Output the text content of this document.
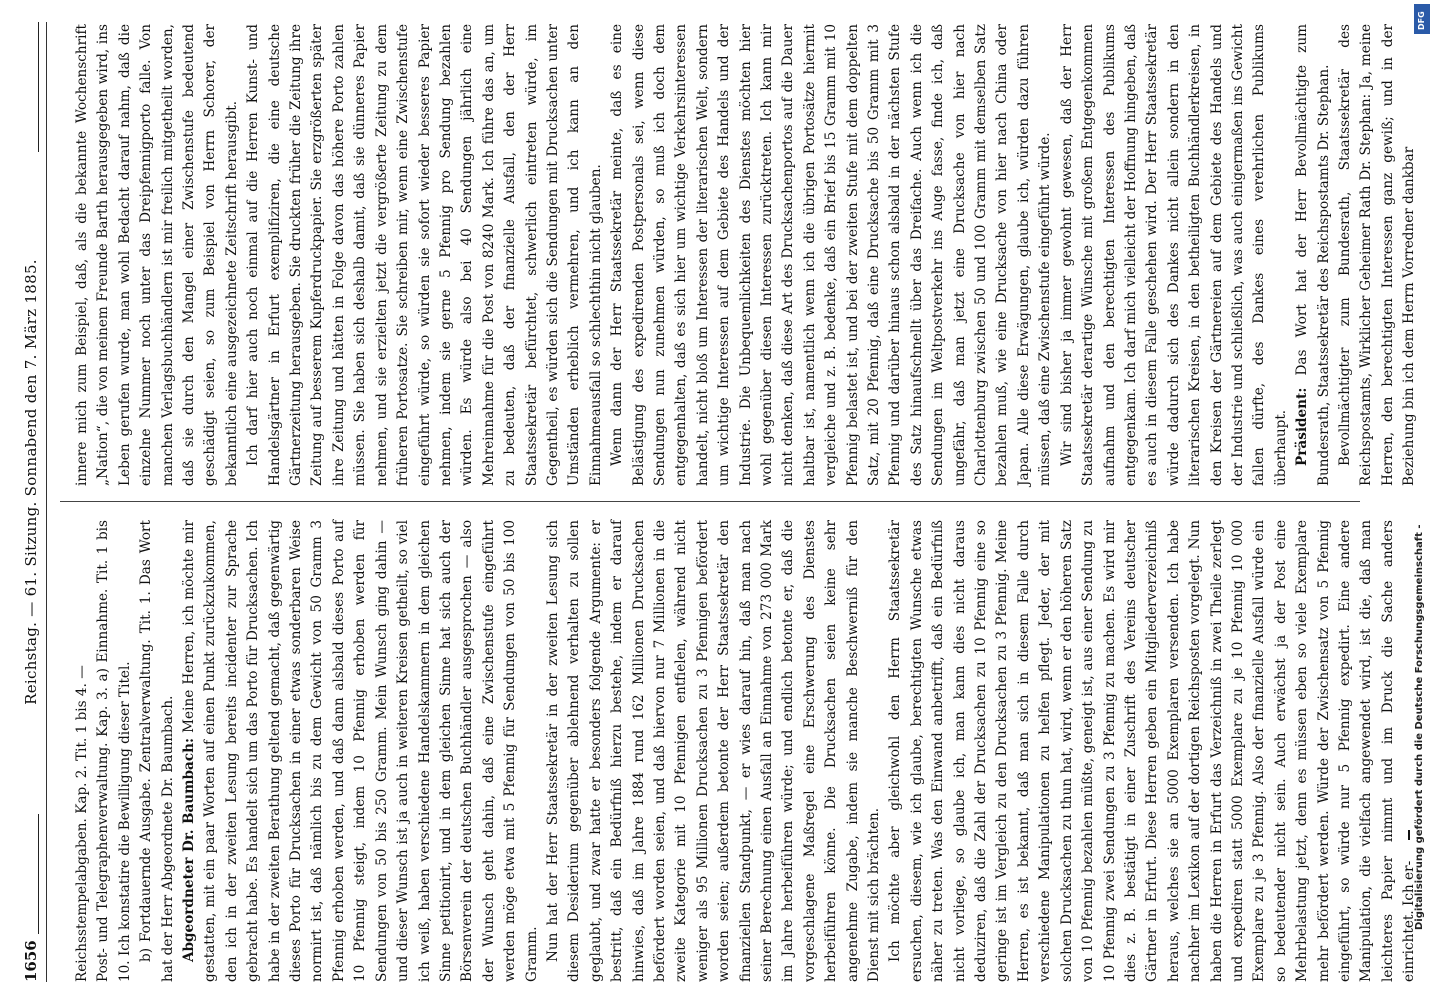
1656
Reichstag. — 61. Sitzung. Sonnabend den 7. März 1885.

Reichsstempelabgaben. Kap. 2. Tit. 1 bis 4. — Post- und Telegraphenverwaltung. Kap. 3. a) Einnahme. Tit. 1 bis 10. Ich konstatire die Bewilligung dieser Titel. b) Fortdauernde Ausgabe. Zentralverwaltung. Tit. 1. Das Wort hat der Herr Abgeordnete Dr. Baumbach. Abgeordneter Dr. Baumbach: Meine Herren, ich möchte mir gestatten, mit ein paar Worten auf einen Punkt zurückzukommen, den ich in der zweiten Lesung bereits incidenter zur Sprache gebracht habe. Es handelt sich um das Porto für Drucksachen. Ich habe in der zweiten Berathung geltend gemacht, daß gegenwärtig dieses Porto für Drucksachen in einer etwas sonderbaren Weise normirt ist, daß nämlich bis zu dem Gewicht von 50 Gramm 3 Pfennig erhoben werden, und daß dann alsbald dieses Porto auf 10 Pfennig steigt, indem 10 Pfennig erhoben werden für Sendungen von 50 bis 250 Gramm. Mein Wunsch ging dahin — und dieser Wunsch ist ja auch in weiteren Kreisen getheilt, so viel ich weiß, haben verschiedene Handelskammern in dem gleichen Sinne petitionirt, und in dem gleichen Sinne hat sich auch der Börsenverein der deutschen Buchhändler ausgesprochen — also der Wunsch geht dahin, daß eine Zwischenstufe eingeführt werden möge etwa mit 5 Pfennig für Sendungen von 50 bis 100 Gramm. Nun hat der Herr Staatssekretär in der zweiten Lesung sich diesem Desiderium gegenüber ablehnend verhalten zu sollen geglaubt, und zwar hatte er besonders folgende Argumente: er bestritt, daß ein Bedürfniß hierzu bestehe, indem er darauf hinwies, daß im Jahre 1884 rund 162 Millionen Drucksachen befördert worden seien, und daß hiervon nur 7 Millionen in die zweite Kategorie mit 10 Pfennigen entfielen, während nicht weniger als 95 Millionen Drucksachen zu 3 Pfennigen befördert worden seien; außerdem betonte der Herr Staatssekretär den finanziellen Standpunkt, — er wies darauf hin, daß man nach seiner Berechnung einen Ausfall an Einnahme von 273 000 Mark im Jahre herbeiführen würde; und endlich betonte er, daß die vorgeschlagene Maßregel eine Erschwerung des Dienstes herbeiführen könne. Die Drucksachen seien keine sehr angenehme Zugabe, indem sie manche Beschwerniß für den Dienst mit sich brächten. Ich möchte aber gleichwohl den Herrn Staatssekretär ersuchen, diesem, wie ich glaube, berechtigten Wunsche etwas näher zu treten. Was den Einwand anbetrifft, daß ein Bedürfniß nicht vorliege, so glaube ich, man kann dies nicht daraus deduziren, daß die Zahl der Drucksachen zu 10 Pfennig eine so geringe ist im Vergleich zu den Drucksachen zu 3 Pfennig. Meine Herren, es ist bekannt, daß man sich in diesem Falle durch verschiedene Manipulationen zu helfen pflegt. Jeder, der mit solchen Drucksachen zu thun hat, wird, wenn er den höheren Satz von 10 Pfennig bezahlen müßte, geneigt ist, aus einer Sendung zu 10 Pfennig zwei Sendungen zu 3 Pfennig zu machen. Es wird mir dies z. B. bestätigt in einer Zuschrift des Vereins deutscher Gärtner in Erfurt. Diese Herren geben ein Mitgliederverzeichniß heraus, welches sie an 5000 Exemplaren versenden. Ich habe nachher im Lexikon auf der dortigen Reichsposten vorgelegt. Nun haben die Herren in Erfurt das Verzeichniß in zwei Theile zerlegt und expediren statt 5000 Exemplare zu je 10 Pfennig 10 000 Exemplare zu je 3 Pfennig. Also der finanzielle Ausfall würde ein so bedeutender nicht sein. Auch erwächst ja der Post eine Mehrbelastung jetzt, denn es müssen eben so viele Exemplare mehr befördert werden. Würde der Zwischensatz von 5 Pfennig eingeführt, so würde nur 5 Pfennig expedirt. Eine andere Manipulation, die vielfach angewendet wird, ist die, daß man leichteres Papier nimmt und im Druck die Sache anders einrichtet. Ich er-

innere mich zum Beispiel, daß, als die bekannte Wochenschrift „Nation“, die von meinem Freunde Barth herausgegeben wird, ins Leben gerufen wurde, man wohl Bedacht darauf nahm, daß die einzelne Nummer noch unter das Dreipfennigporto falle. Von manchen Verlagsbuchhändlern ist mir freilich mitgetheilt worden, daß sie durch den Mangel einer Zwischenstufe bedeutend geschädigt seien, so zum Beispiel von Herrn Schorer, der bekanntlich eine ausgezeichnete Zeitschrift herausgibt. Ich darf hier auch noch einmal auf die Herren Kunst- und Handelsgärtner in Erfurt exemplifiziren, die eine deutsche Gärtnerzeitung herausgeben. Sie druckten früher die Zeitung ihre Zeitung auf besserem Kupferdruckpapier. Sie erzgrößerten später ihre Zeitung und hätten in Folge davon das höhere Porto zahlen müssen. Sie haben sich deshalb damit, daß sie dünneres Papier nehmen, und sie erzielten jetzt die vergrößerte Zeitung zu dem früheren Portosatze. Sie schreiben mir, wenn eine Zwischenstufe eingeführt würde, so würden sie sofort wieder besseres Papier nehmen, indem sie gerne 5 Pfennig pro Sendung bezahlen würden. Es würde also bei 40 Sendungen jährlich eine Mehreinnahme für die Post von 8240 Mark. Ich führe das an, um zu bedeuten, daß der finanzielle Ausfall, den der Herr Staatssekretär befürchtet, schwerlich eintreten würde, im Gegentheil, es würden sich die Sendungen mit Drucksachen unter Umständen erheblich vermehren, und ich kann an den Einnahmeausfall so schlechthin nicht glauben. Wenn dann der Herr Staatssekretär meinte, daß es eine Belästigung des expedirenden Postpersonals sei, wenn diese Sendungen nun zunehmen würden, so muß ich doch dem entgegenhalten, daß es sich hier um wichtige Verkehrsinteressen handelt, nicht bloß um Interessen der literarischen Welt, sondern um wichtige Interessen auf dem Gebiete des Handels und der Industrie. Die Unbequemlichkeiten des Dienstes möchten hier wohl gegenüber diesen Interessen zurücktreten. Ich kann mir nicht denken, daß diese Art des Drucksachenportos auf die Dauer haltbar ist, namentlich wenn ich die übrigen Portosätze hiermit vergleiche und z. B. bedenke, daß ein Brief bis 15 Gramm mit 10 Pfennig belastet ist, und bei der zweiten Stufe mit dem doppelten Satz, mit 20 Pfennig, daß eine Drucksache bis 50 Gramm mit 3 Pfennig und darüber hinaus schon alsbald in der nächsten Stufe des Satz hinaufschnellt über das Dreifache. Auch wenn ich die Sendungen im Weltpostverkehr ins Auge fasse, finde ich, daß ungefähr, daß man jetzt eine Drucksache von hier nach Charlottenburg zwischen 50 und 100 Gramm mit demselben Satz bezahlen muß, wie eine Drucksache von hier nach China oder Japan. Alle diese Erwägungen, glaube ich, würden dazu führen müssen, daß eine Zwischenstufe eingeführt würde. Wir sind bisher ja immer gewohnt gewesen, daß der Herr Staatssekretär derartige Wünsche mit großem Entgegenkommen aufnahm und den berechtigten Interessen des Publikums entgegenkam. Ich darf mich vielleicht der Hoffnung hingeben, daß es auch in diesem Falle geschehen wird. Der Herr Staatssekretär würde dadurch sich des Dankes nicht allein sondern in den literarischen Kreisen, in den betheiligten Buchhändlerkreisen, in den Kreisen der Gärtnereien auf dem Gebiete des Handels und der Industrie und schließlich, was auch einigermaßen ins Gewicht fallen dürfte, des Dankes eines verehrlichen Publikums überhaupt. Präsident: Das Wort hat der Herr Bevollmächtigte zum Bundesrath, Staatssekretär des Reichspostamts Dr. Stephan. Bevollmächtigter zum Bundesrath, Staatssekretär des Reichspostamts, Wirklicher Geheimer Rath Dr. Stephan: Ja, meine Herren, den berechtigten Interessen ganz gewiß; und in der Beziehung bin ich dem Herrn Vorredner dankbar

DFG
Digitalisierung gefördert durch die Deutsche Forschungsgemeinschaft -
